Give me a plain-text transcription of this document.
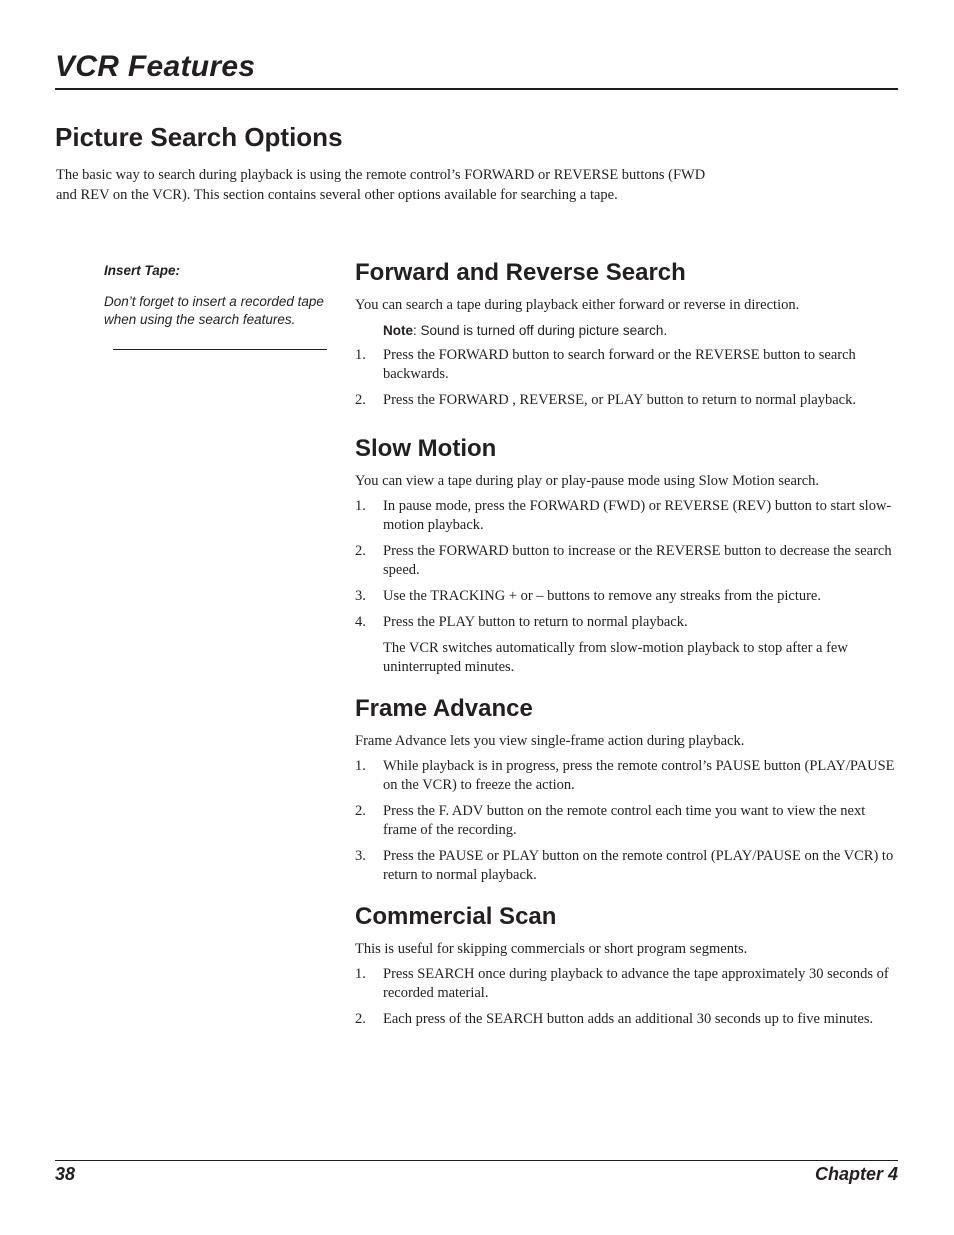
VCR Features
Picture Search Options

The basic way to search during playback is using the remote control’s FORWARD or REVERSE buttons (FWD and REV on the VCR). This section contains several other options available for searching a tape.

Insert Tape:

Don’t forget to insert a recorded tape when using the search features.

Forward and Reverse Search

You can search a tape during playback either forward or reverse in direction.

Note: Sound is turned off during picture search.

1. Press the FORWARD button to search forward or the REVERSE button to search backwards.
2. Press the FORWARD , REVERSE, or PLAY button to return to normal playback.
Slow Motion

You can view a tape during play or play-pause mode using Slow Motion search.

1. In pause mode, press the FORWARD (FWD) or REVERSE (REV) button to start slow-motion playback.
2. Press the FORWARD button to increase or the REVERSE button to decrease the search speed.
3. Use the TRACKING + or – buttons to remove any streaks from the picture.
4. Press the PLAY button to return to normal playback.

The VCR switches automatically from slow-motion playback to stop after a few uninterrupted minutes.

Frame Advance

Frame Advance lets you view single-frame action during playback.

1. While playback is in progress, press the remote control’s PAUSE button (PLAY/PAUSE on the VCR) to freeze the action.
2. Press the F. ADV button on the remote control each time you want to view the next frame of the recording.
3. Press the PAUSE or PLAY button on the remote control (PLAY/PAUSE on the VCR) to return to normal playback.
Commercial Scan

This is useful for skipping commercials or short program segments.

1. Press SEARCH once during playback to advance the tape approximately 30 seconds of recorded material.
2. Each press of the SEARCH button adds an additional 30 seconds up to five minutes.
38	Chapter 4
